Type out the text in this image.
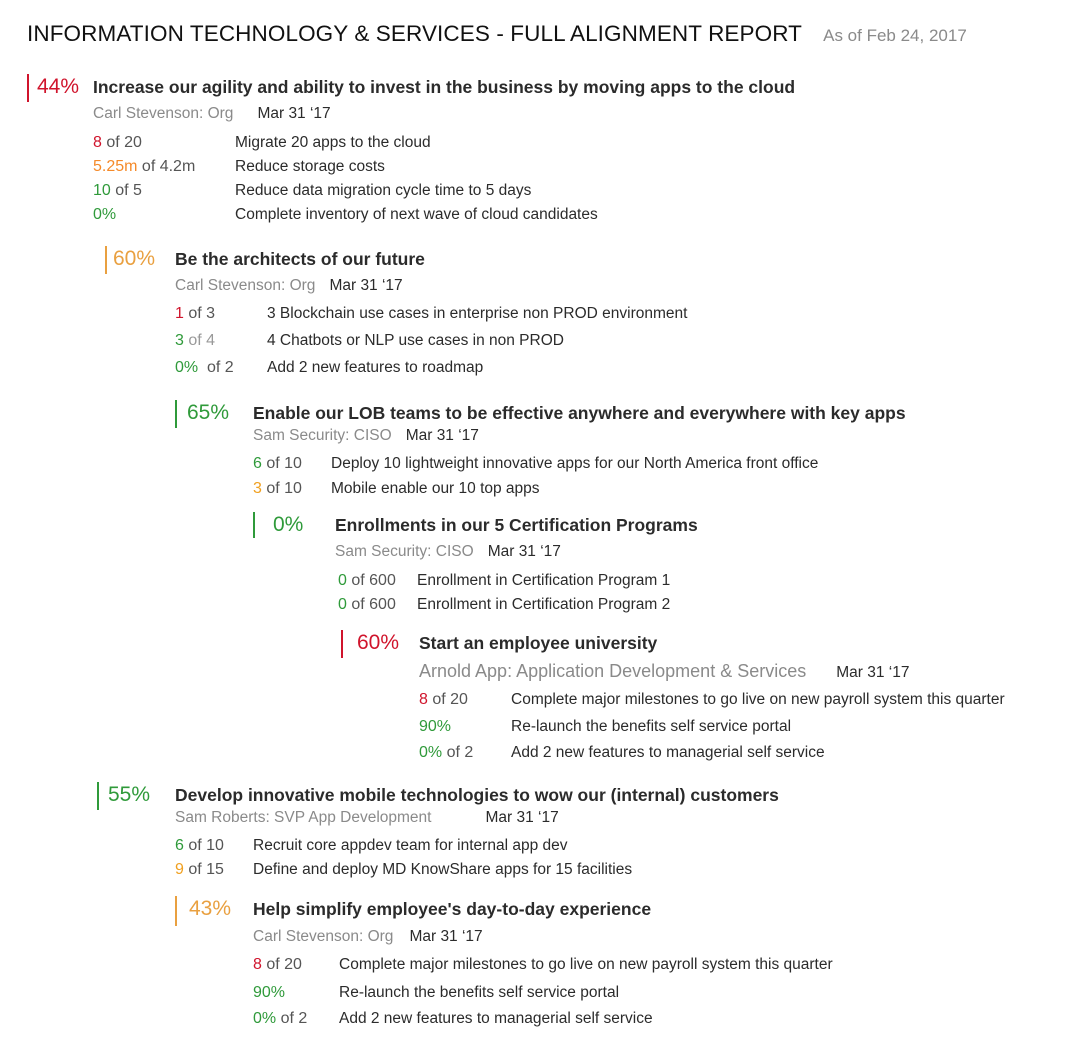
INFORMATION TECHNOLOGY & SERVICES - FULL ALIGNMENT REPORT As of Feb 24, 2017
44% Increase our agility and ability to invest in the business by moving apps to the cloud
Carl Stevenson: Org Mar 31 ‘17
8 of 20	Migrate 20 apps to the cloud
5.25m of 4.2m	Reduce storage costs
10 of 5	Reduce data migration cycle time to 5 days
0%	Complete inventory of next wave of cloud candidates
60% Be the architects of our future
Carl Stevenson: Org Mar 31 ‘17
1 of 3	3 Blockchain use cases in enterprise non PROD environment
3 of 4	4 Chatbots or NLP use cases in non PROD
0%  of 2 Add 2 new features to roadmap
65% Enable our LOB teams to be effective anywhere and everywhere with key apps
Sam Security: CISO Mar 31 ‘17
6 of 10 Deploy 10 lightweight innovative apps for our North America front office
3 of 10 Mobile enable our 10 top apps
0% Enrollments in our 5 Certification Programs
Sam Security: CISO Mar 31 ‘17
0 of 600 Enrollment in Certification Program 1
0 of 600 Enrollment in Certification Program 2
60% Start an employee university
Arnold App: Application Development & Services Mar 31 ‘17
8 of 20	Complete major milestones to go live on new payroll system this quarter
90%	Re-launch the benefits self service portal
0% of 2 Add 2 new features to managerial self service
55% Develop innovative mobile technologies to wow our (internal) customers
Sam Roberts: SVP App Development	Mar 31 ‘17
6 of 10 Recruit core appdev team for internal app dev
9 of 15 Define and deploy MD KnowShare apps for 15 facilities
43% Help simplify employee's day-to-day experience
Carl Stevenson: Org Mar 31 ‘17
8 of 20 Complete major milestones to go live on new payroll system this quarter
90%	Re-launch the benefits self service portal
0% of 2 Add 2 new features to managerial self service
